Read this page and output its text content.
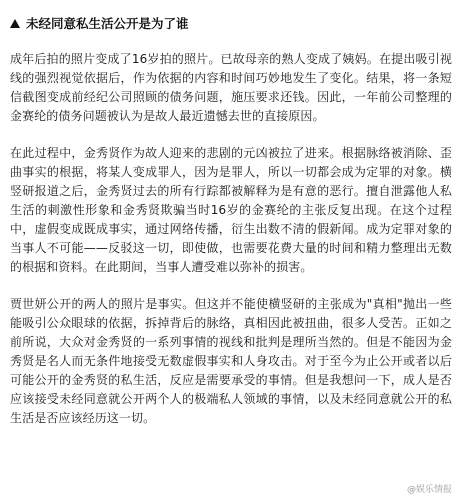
未经同意私生活公开是为了谁

成年后拍的照片变成了16岁拍的照片。已故母亲的熟人变成了姨妈。在提出吸引视线的强烈视觉依据后，作为依据的内容和时间巧妙地发生了变化。结果，将一条短信截图变成前经纪公司照顾的债务问题，施压要求还钱。因此，一年前公司整理的金赛纶的债务问题被认为是故人最近遗憾去世的直接原因。

在此过程中，金秀贤作为故人迎来的悲剧的元凶被拉了进来。根据脉络被消除、歪曲事实的根据，将某人变成罪人，因为是罪人，所以一切都会成为定罪的对象。横竖研报道之后，金秀贤过去的所有行踪都被解释为是有意的恶行。擅自泄露他人私生活的刺激性形象和金秀贤欺骗当时16岁的金赛纶的主张反复出现。在这个过程中，虚假变成既成事实，通过网络传播，衍生出数不清的假新闻。成为定罪对象的当事人不可能——反驳这一切，即使做，也需要花费大量的时间和精力整理出无数的根据和资料。在此期间，当事人遭受难以弥补的损害。

贾世妍公开的两人的照片是事实。但这并不能使横竖研的主张成为"真相"抛出一些能吸引公众眼球的依据，拆掉背后的脉络，真相因此被扭曲，很多人受苦。正如之前所说，大众对金秀贤的一系列事情的视线和批判是理所当然的。但是不能因为金秀贤是名人而无条件地接受无数虚假事实和人身攻击。对于至今为止公开或者以后可能公开的金秀贤的私生活，反应是需要承受的事情。但是我想问一下，成人是否应该接受未经同意就公开两个人的极端私人领域的事情，以及未经同意就公开的私生活是否应该经历这一切。

@娱乐情报
